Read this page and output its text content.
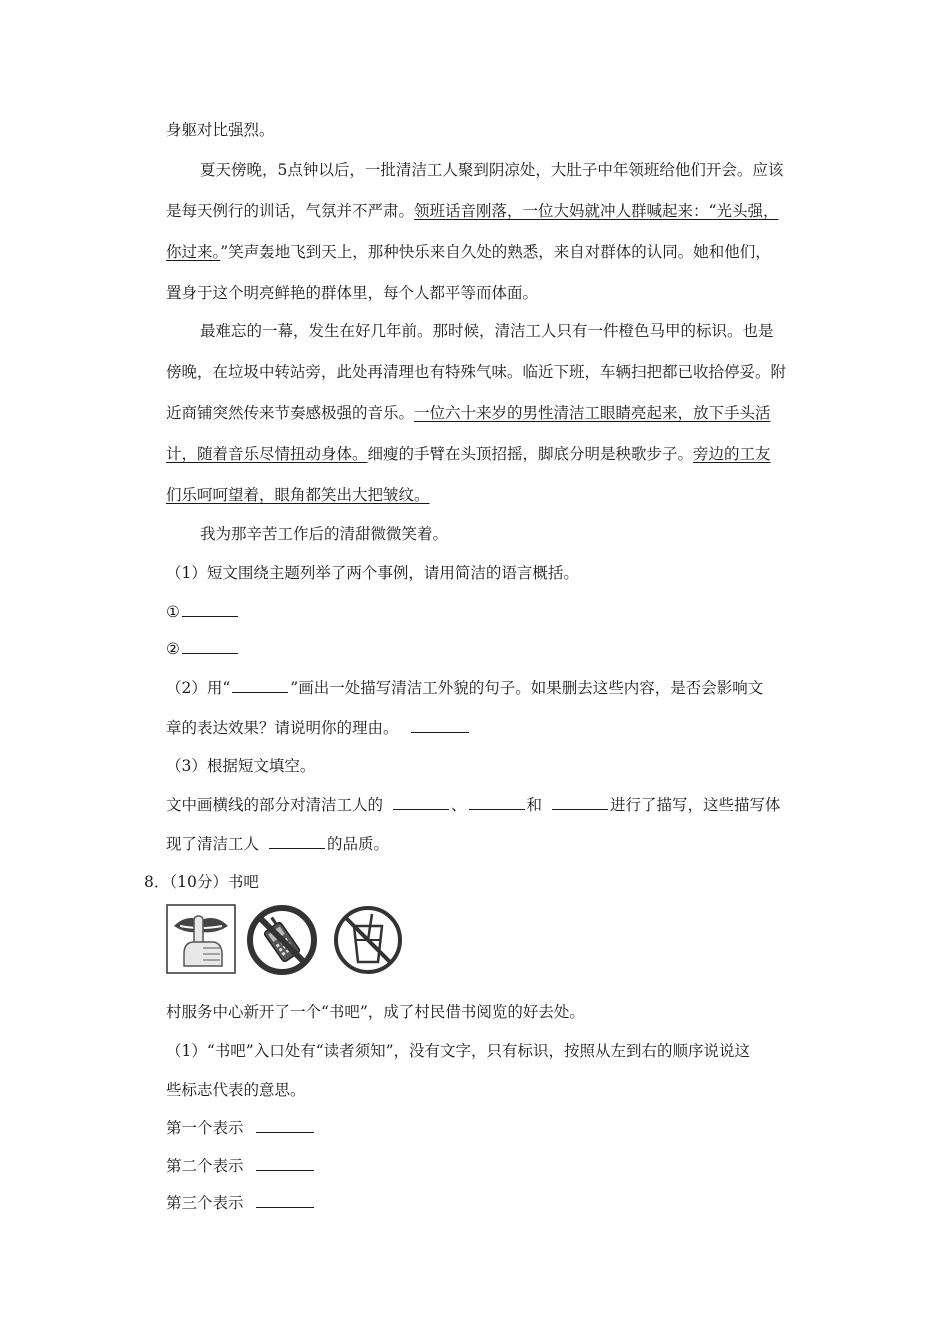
身躯对比强烈。
夏天傍晚，5点钟以后，一批清洁工人聚到阴凉处，大肚子中年领班给他们开会。应该
是每天例行的训话，气氛并不严肃。领班话音刚落，一位大妈就冲人群喊起来：“光头强，
你过来。”笑声轰地飞到天上，那种快乐来自久处的熟悉，来自对群体的认同。她和他们，
置身于这个明亮鲜艳的群体里，每个人都平等而体面。
最难忘的一幕，发生在好几年前。那时候，清洁工人只有一件橙色马甲的标识。也是
傍晚，在垃圾中转站旁，此处再清理也有特殊气味。临近下班，车辆扫把都已收拾停妥。附
近商铺突然传来节奏感极强的音乐。一位六十来岁的男性清洁工眼睛亮起来，放下手头活
计，随着音乐尽情扭动身体。细瘦的手臂在头顶招摇，脚底分明是秧歌步子。旁边的工友
们乐呵呵望着，眼角都笑出大把皱纹。
我为那辛苦工作后的清甜微微笑着。
（1）短文围绕主题列举了两个事例，请用简洁的语言概括。
①
②
（2）用“	”画出一处描写清洁工外貌的句子。如果删去这些内容，是否会影响文
章的表达效果？请说明你的理由。
（3）根据短文填空。
文中画横线的部分对清洁工人的	、	和	进行了描写，这些描写体
现了清洁工人	的品质。
8．（10分）书吧
村服务中心新开了一个“书吧”，成了村民借书阅览的好去处。
（1）“书吧”入口处有“读者须知”，没有文字，只有标识，按照从左到右的顺序说说这
些标志代表的意思。
第一个表示
第二个表示
第三个表示
